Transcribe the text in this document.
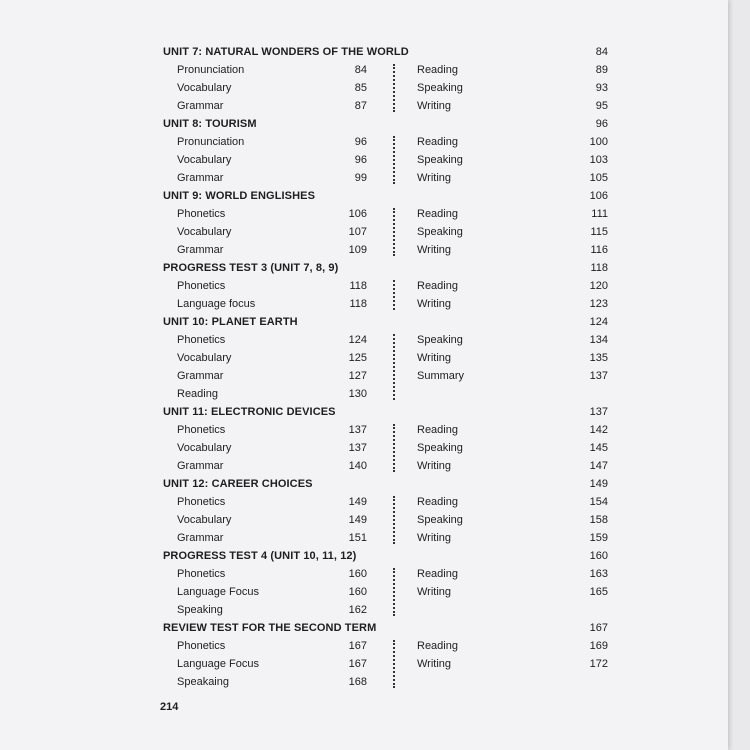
UNIT 7: NATURAL WONDERS OF THE WORLD	84
Pronunciation	84	Reading	89
Vocabulary	85	Speaking	93
Grammar	87	Writing	95
UNIT 8: TOURISM	96
Pronunciation	96	Reading	100
Vocabulary	96	Speaking	103
Grammar	99	Writing	105
UNIT 9: WORLD ENGLISHES	106
Phonetics	106	Reading	111
Vocabulary	107	Speaking	115
Grammar	109	Writing	116
PROGRESS TEST 3 (UNIT 7, 8, 9)	118
Phonetics	118	Reading	120
Language focus	118	Writing	123
UNIT 10: PLANET EARTH	124
Phonetics	124	Speaking	134
Vocabulary	125	Writing	135
Grammar	127	Summary	137
Reading	130
UNIT 11: ELECTRONIC DEVICES	137
Phonetics	137	Reading	142
Vocabulary	137	Speaking	145
Grammar	140	Writing	147
UNIT 12: CAREER CHOICES	149
Phonetics	149	Reading	154
Vocabulary	149	Speaking	158
Grammar	151	Writing	159
PROGRESS TEST 4 (UNIT 10, 11, 12)	160
Phonetics	160	Reading	163
Language Focus	160	Writing	165
Speaking	162
REVIEW TEST FOR THE SECOND TERM	167
Phonetics	167	Reading	169
Language Focus	167	Writing	172
Speakaing	168
214
